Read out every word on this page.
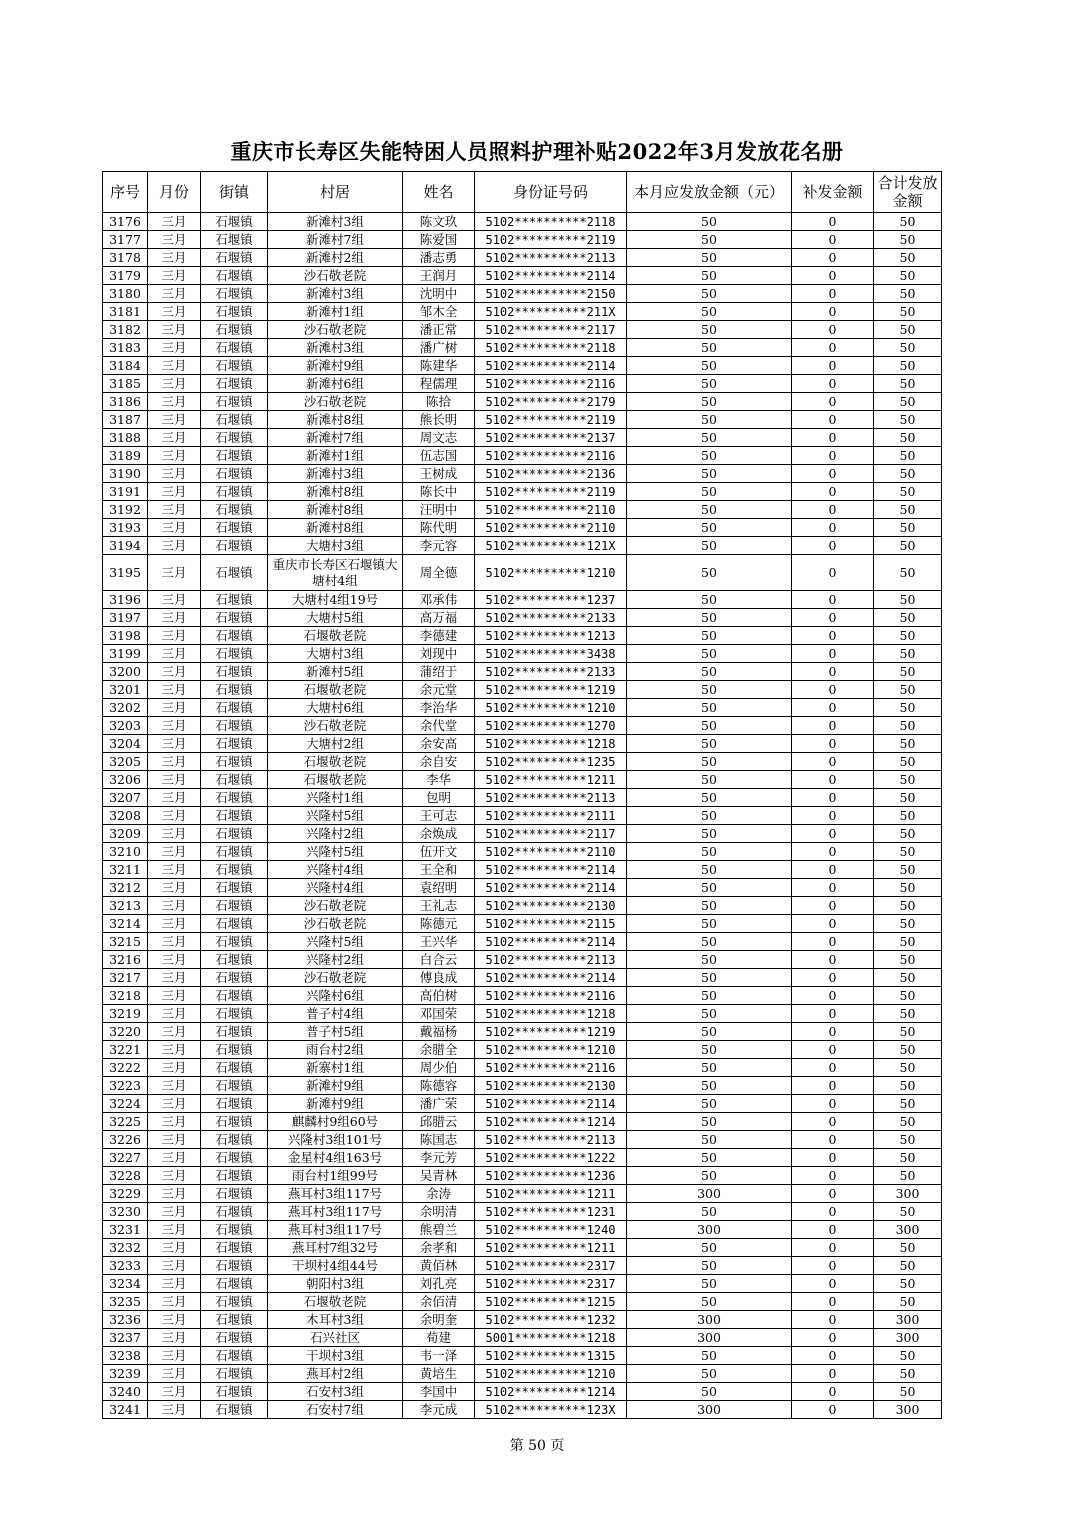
重庆市长寿区失能特困人员照料护理补贴2022年3月发放花名册
序号	月份	街镇	村居	姓名	身份证号码	本月应发放金额（元）	补发金额	合计发放金额
3176	三月	石堰镇	新滩村3组	陈文玖	5102**********2118	50	0	50
3177	三月	石堰镇	新滩村7组	陈爱国	5102**********2119	50	0	50
3178	三月	石堰镇	新滩村2组	潘志勇	5102**********2113	50	0	50
3179	三月	石堰镇	沙石敬老院	王润月	5102**********2114	50	0	50
3180	三月	石堰镇	新滩村3组	沈明中	5102**********2150	50	0	50
3181	三月	石堰镇	新滩村1组	邹木全	5102**********211X	50	0	50
3182	三月	石堰镇	沙石敬老院	潘正常	5102**********2117	50	0	50
3183	三月	石堰镇	新滩村3组	潘广树	5102**********2118	50	0	50
3184	三月	石堰镇	新滩村9组	陈建华	5102**********2114	50	0	50
3185	三月	石堰镇	新滩村6组	程儒理	5102**********2116	50	0	50
3186	三月	石堰镇	沙石敬老院	陈拾	5102**********2179	50	0	50
3187	三月	石堰镇	新滩村8组	熊长明	5102**********2119	50	0	50
3188	三月	石堰镇	新滩村7组	周文志	5102**********2137	50	0	50
3189	三月	石堰镇	新滩村1组	伍志国	5102**********2116	50	0	50
3190	三月	石堰镇	新滩村3组	王树成	5102**********2136	50	0	50
3191	三月	石堰镇	新滩村8组	陈长中	5102**********2119	50	0	50
3192	三月	石堰镇	新滩村8组	汪明中	5102**********2110	50	0	50
3193	三月	石堰镇	新滩村8组	陈代明	5102**********2110	50	0	50
3194	三月	石堰镇	大塘村3组	李元容	5102**********121X	50	0	50
3195	三月	石堰镇	重庆市长寿区石堰镇大塘村4组	周全德	5102**********1210	50	0	50
3196	三月	石堰镇	大塘村4组19号	邓承伟	5102**********1237	50	0	50
3197	三月	石堰镇	大塘村5组	高万福	5102**********2133	50	0	50
3198	三月	石堰镇	石堰敬老院	李德建	5102**********1213	50	0	50
3199	三月	石堰镇	大塘村3组	刘现中	5102**********3438	50	0	50
3200	三月	石堰镇	新滩村5组	蒲绍于	5102**********2133	50	0	50
3201	三月	石堰镇	石堰敬老院	余元堂	5102**********1219	50	0	50
3202	三月	石堰镇	大塘村6组	李治华	5102**********1210	50	0	50
3203	三月	石堰镇	沙石敬老院	余代堂	5102**********1270	50	0	50
3204	三月	石堰镇	大塘村2组	余安高	5102**********1218	50	0	50
3205	三月	石堰镇	石堰敬老院	余自安	5102**********1235	50	0	50
3206	三月	石堰镇	石堰敬老院	李华	5102**********1211	50	0	50
3207	三月	石堰镇	兴隆村1组	包明	5102**********2113	50	0	50
3208	三月	石堰镇	兴隆村5组	王可志	5102**********2111	50	0	50
3209	三月	石堰镇	兴隆村2组	余焕成	5102**********2117	50	0	50
3210	三月	石堰镇	兴隆村5组	伍开文	5102**********2110	50	0	50
3211	三月	石堰镇	兴隆村4组	王全和	5102**********2114	50	0	50
3212	三月	石堰镇	兴隆村4组	袁绍明	5102**********2114	50	0	50
3213	三月	石堰镇	沙石敬老院	王礼志	5102**********2130	50	0	50
3214	三月	石堰镇	沙石敬老院	陈德元	5102**********2115	50	0	50
3215	三月	石堰镇	兴隆村5组	王兴华	5102**********2114	50	0	50
3216	三月	石堰镇	兴隆村2组	白合云	5102**********2113	50	0	50
3217	三月	石堰镇	沙石敬老院	傅良成	5102**********2114	50	0	50
3218	三月	石堰镇	兴隆村6组	高伯树	5102**********2116	50	0	50
3219	三月	石堰镇	普子村4组	邓国荣	5102**********1218	50	0	50
3220	三月	石堰镇	普子村5组	戴福杨	5102**********1219	50	0	50
3221	三月	石堰镇	雨台村2组	余腊全	5102**********1210	50	0	50
3222	三月	石堰镇	新寨村1组	周少伯	5102**********2116	50	0	50
3223	三月	石堰镇	新滩村9组	陈德容	5102**********2130	50	0	50
3224	三月	石堰镇	新滩村9组	潘广荣	5102**********2114	50	0	50
3225	三月	石堰镇	麒麟村9组60号	邱腊云	5102**********1214	50	0	50
3226	三月	石堰镇	兴隆村3组101号	陈国志	5102**********2113	50	0	50
3227	三月	石堰镇	金星村4组163号	李元芳	5102**********1222	50	0	50
3228	三月	石堰镇	雨台村1组99号	吴青林	5102**********1236	50	0	50
3229	三月	石堰镇	燕耳村3组117号	余涛	5102**********1211	300	0	300
3230	三月	石堰镇	燕耳村3组117号	余明清	5102**********1231	50	0	50
3231	三月	石堰镇	燕耳村3组117号	熊碧兰	5102**********1240	300	0	300
3232	三月	石堰镇	燕耳村7组32号	余孝和	5102**********1211	50	0	50
3233	三月	石堰镇	干坝村4组44号	黄佰林	5102**********2317	50	0	50
3234	三月	石堰镇	朝阳村3组	刘孔亮	5102**********2317	50	0	50
3235	三月	石堰镇	石堰敬老院	余佰清	5102**********1215	50	0	50
3236	三月	石堰镇	木耳村3组	余明奎	5102**********1232	300	0	300
3237	三月	石堰镇	石兴社区	荀建	5001**********1218	300	0	300
3238	三月	石堰镇	干坝村3组	韦一泽	5102**********1315	50	0	50
3239	三月	石堰镇	燕耳村2组	黄培生	5102**********1210	50	0	50
3240	三月	石堰镇	石安村3组	李国中	5102**********1214	50	0	50
3241	三月	石堰镇	石安村7组	李元成	5102**********123X	300	0	300
第 50 页
